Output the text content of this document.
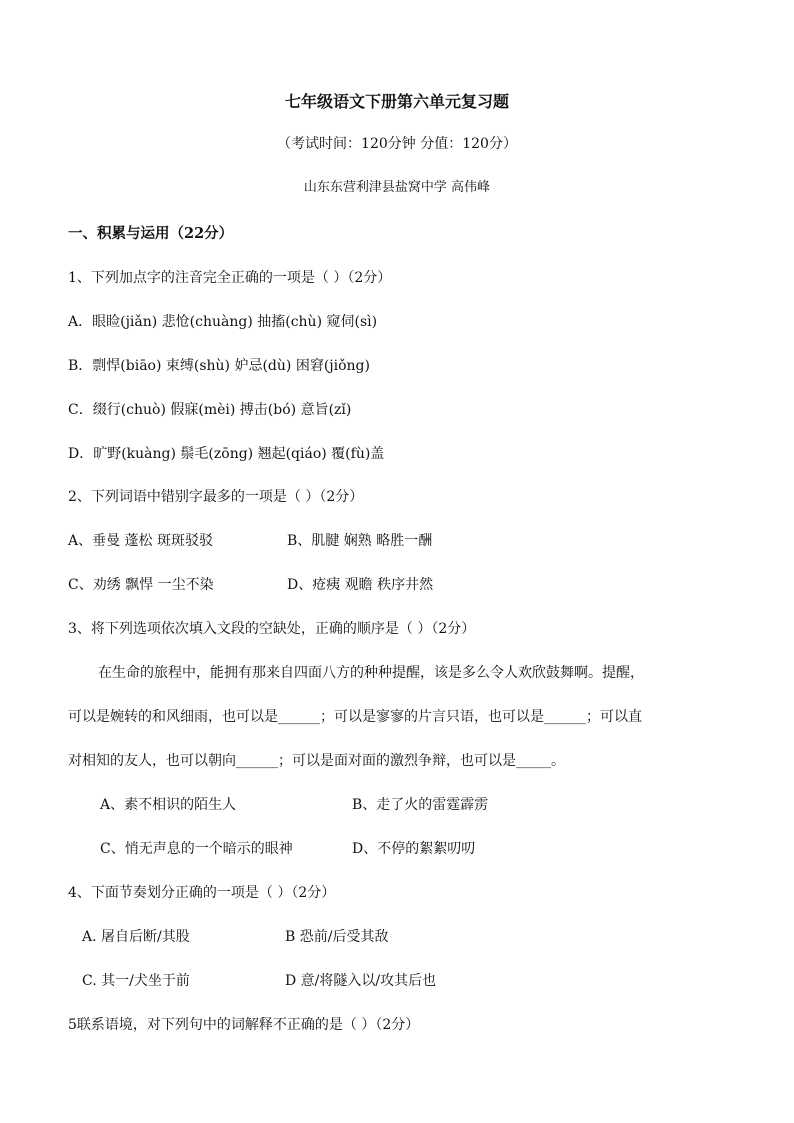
七年级语文下册第六单元复习题
（考试时间：120分钟 分值：120分）
山东东营利津县盐窝中学 高伟峰
一、积累与运用（22分）
1、下列加点字的注音完全正确的一项是（ ）（2分）
A．眼睑(jiǎn) 悲怆(chuàng) 抽搐(chù) 窥伺(sì)
B．剽悍(biāo) 束缚(shù) 妒忌(dù) 困窘(jiǒng)
C．缀行(chuò) 假寐(mèi) 搏击(bó) 意旨(zǐ)
D．旷野(kuàng) 鬃毛(zōng) 翘起(qiáo) 覆(fù)盖
2、下列词语中错别字最多的一项是（ ）（2分）
A、垂曼 蓬松 斑斑驳驳	B、肌腱 娴熟 略胜一酬
C、劝绣 飘悍 一尘不染	D、疮痍 观瞻 秩序井然
3、将下列选项依次填入文段的空缺处，正确的顺序是（ ）（2分）
在生命的旅程中，能拥有那来自四面八方的种种提醒，该是多么令人欢欣鼓舞啊。提醒，
可以是婉转的和风细雨，也可以是______；可以是寥寥的片言只语，也可以是______；可以直
对相知的友人，也可以朝向______；可以是面对面的激烈争辩，也可以是_____。
A、素不相识的陌生人	B、走了火的雷霆霹雳
C、悄无声息的一个暗示的眼神	D、不停的絮絮叨叨
4、下面节奏划分正确的一项是（ ）（2分）
A. 屠自后断/其股	B 恐前/后受其敌
C. 其一/犬坐于前	D 意/将隧入以/攻其后也
5联系语境，对下列句中的词解释不正确的是（ ）（2分）
